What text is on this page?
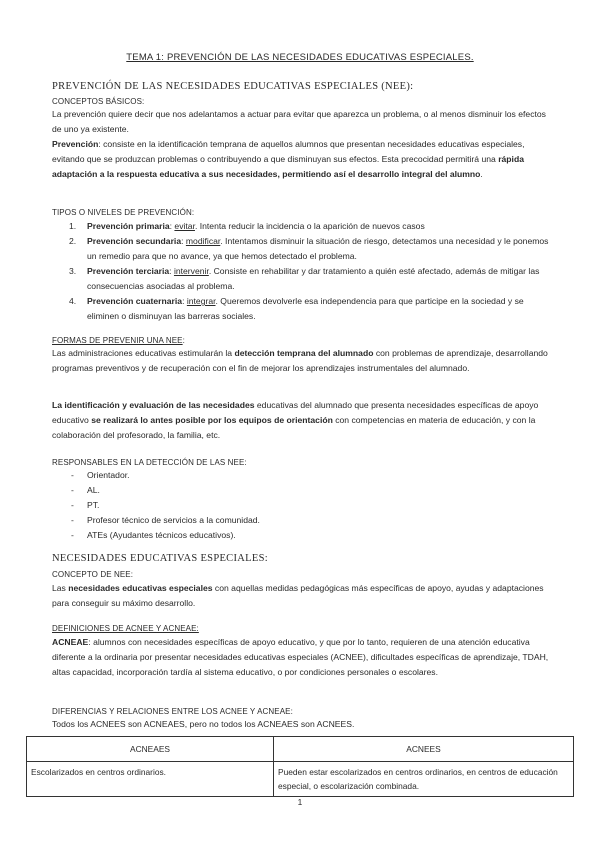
TEMA 1: PREVENCIÓN DE LAS NECESIDADES EDUCATIVAS ESPECIALES.
PREVENCIÓN DE LAS NECESIDADES EDUCATIVAS ESPECIALES (NEE):
CONCEPTOS BÁSICOS:
La prevención quiere decir que nos adelantamos a actuar para evitar que aparezca un problema, o al menos disminuir los efectos de uno ya existente.
Prevención: consiste en la identificación temprana de aquellos alumnos que presentan necesidades educativas especiales, evitando que se produzcan problemas o contribuyendo a que disminuyan sus efectos. Esta precocidad permitirá una rápida adaptación a la respuesta educativa a sus necesidades, permitiendo así el desarrollo integral del alumno.
TIPOS O NIVELES DE PREVENCIÓN:
1. Prevención primaria: evitar. Intenta reducir la incidencia o la aparición de nuevos casos
2. Prevención secundaria: modificar. Intentamos disminuir la situación de riesgo, detectamos una necesidad y le ponemos un remedio para que no avance, ya que hemos detectado el problema.
3. Prevención terciaria: intervenir. Consiste en rehabilitar y dar tratamiento a quién esté afectado, además de mitigar las consecuencias asociadas al problema.
4. Prevención cuaternaria: integrar. Queremos devolverle esa independencia para que participe en la sociedad y se eliminen o disminuyan las barreras sociales.
FORMAS DE PREVENIR UNA NEE:
Las administraciones educativas estimularán la detección temprana del alumnado con problemas de aprendizaje, desarrollando programas preventivos y de recuperación con el fin de mejorar los aprendizajes instrumentales del alumnado.
La identificación y evaluación de las necesidades educativas del alumnado que presenta necesidades específicas de apoyo educativo se realizará lo antes posible por los equipos de orientación con competencias en materia de educación, y con la colaboración del profesorado, la familia, etc.
RESPONSABLES EN LA DETECCIÓN DE LAS NEE:
- Orientador.
- AL.
- PT.
- Profesor técnico de servicios a la comunidad.
- ATEs (Ayudantes técnicos educativos).
NECESIDADES EDUCATIVAS ESPECIALES:
CONCEPTO DE NEE:
Las necesidades educativas especiales con aquellas medidas pedagógicas más específicas de apoyo, ayudas y adaptaciones para conseguir su máximo desarrollo.
DEFINICIONES DE ACNEE Y ACNEAE:
ACNEAE: alumnos con necesidades específicas de apoyo educativo, y que por lo tanto, requieren de una atención educativa diferente a la ordinaria por presentar necesidades educativas especiales (ACNEE), dificultades específicas de aprendizaje, TDAH, altas capacidad, incorporación tardía al sistema educativo, o por condiciones personales o escolares.
DIFERENCIAS Y RELACIONES ENTRE LOS ACNEE Y ACNEAE:
Todos los ACNEES son ACNEAES, pero no todos los ACNEAES son ACNEES.
ACNEAES	ACNEES
Escolarizados en centros ordinarios.	Pueden estar escolarizados en centros ordinarios, en centros de educación especial, o escolarización combinada.
1
